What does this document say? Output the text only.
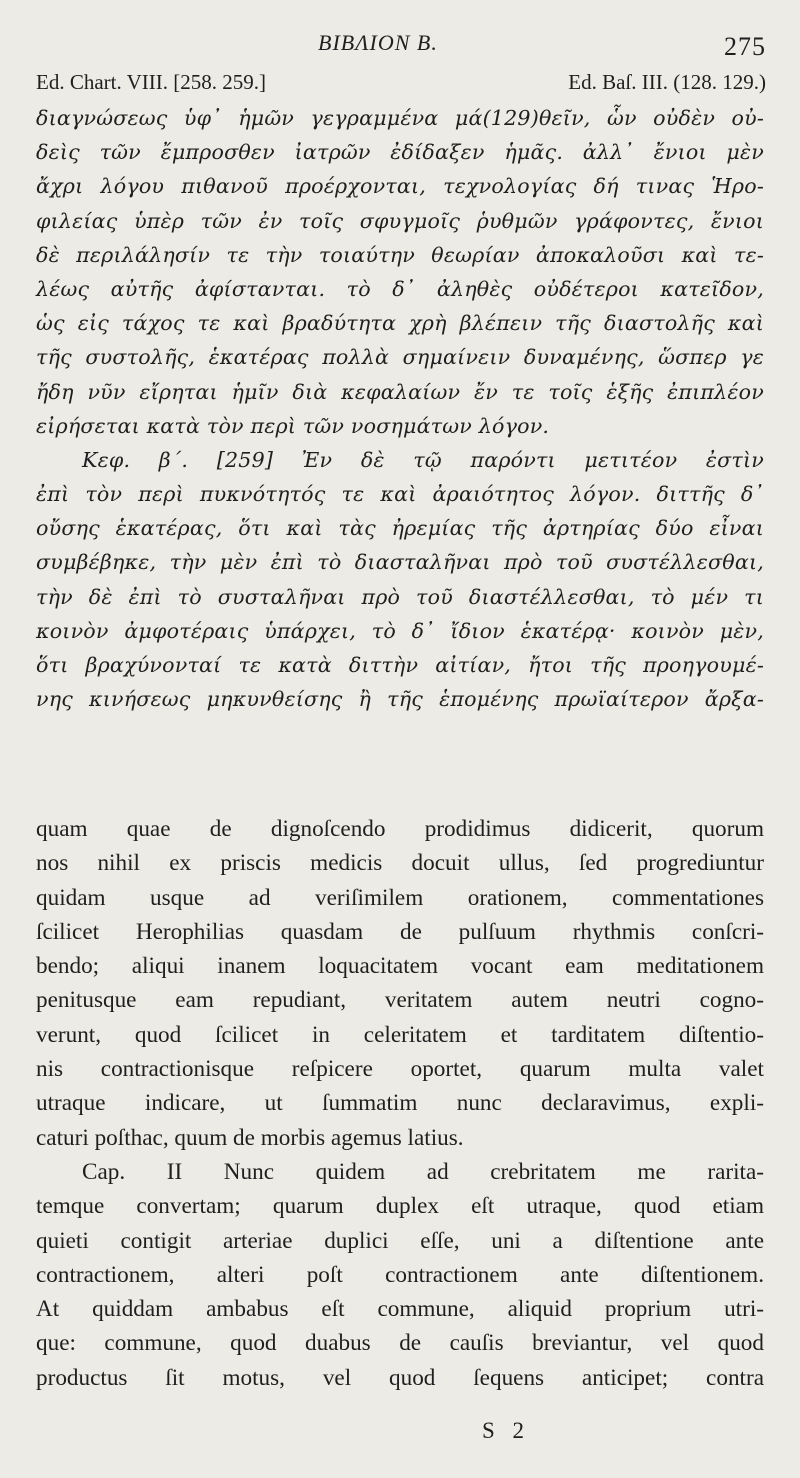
ΒΙΒΛΙΟΝ Β.	275
Ed. Chart. VIII. [258. 259.]	Ed. Baſ. III. (128. 129.)
διαγνώσεως ὑφ᾽ ἡμῶν γεγραμμένα μά(129)θεῖν, ὧν οὐδὲν οὐ-
δεὶς τῶν ἔμπροσθεν ἰατρῶν ἐδίδαξεν ἡμᾶς. ἀλλ᾽ ἔνιοι μὲν
ἄχρι λόγου πιθανοῦ προέρχονται, τεχνολογίας δή τινας Ἡρο-
φιλείας ὑπὲρ τῶν ἐν τοῖς σφυγμοῖς ῥυθμῶν γράφοντες, ἔνιοι
δὲ περιλάλησίν τε τὴν τοιαύτην θεωρίαν ἀποκαλοῦσι καὶ τε-
λέως αὐτῆς ἀφίστανται. τὸ δ᾽ ἀληθὲς οὐδέτεροι κατεῖδον,
ὡς εἰς τάχος τε καὶ βραδύτητα χρὴ βλέπειν τῆς διαστολῆς καὶ
τῆς συστολῆς, ἑκατέρας πολλὰ σημαίνειν δυναμένης, ὥσπερ γε
ἤδη νῦν εἴρηται ἡμῖν διὰ κεφαλαίων ἔν τε τοῖς ἑξῆς ἐπιπλέον
εἰρήσεται κατὰ τὸν περὶ τῶν νοσημάτων λόγον.
Κεφ. β΄. [259] Ἐν δὲ τῷ παρόντι μετιτέον ἐστὶν
ἐπὶ τὸν περὶ πυκνότητός τε καὶ ἀραιότητος λόγον. διττῆς δ᾽
οὔσης ἑκατέρας, ὅτι καὶ τὰς ἠρεμίας τῆς ἀρτηρίας δύο εἶναι
συμβέβηκε, τὴν μὲν ἐπὶ τὸ διασταλῆναι πρὸ τοῦ συστέλλεσθαι,
τὴν δὲ ἐπὶ τὸ συσταλῆναι πρὸ τοῦ διαστέλλεσθαι, τὸ μέν τι
κοινὸν ἀμφοτέραις ὑπάρχει, τὸ δ᾽ ἴδιον ἑκατέρᾳ· κοινὸν μὲν,
ὅτι βραχύνονταί τε κατὰ διττὴν αἰτίαν, ἤτοι τῆς προηγουμέ-
νης κινήσεως μηκυνθείσης ἢ τῆς ἑπομένης πρωϊαίτερον ἄρξα-
quam quae de dignoſcendo prodidimus didicerit, quorum
nos nihil ex priscis medicis docuit ullus, ſed progrediuntur
quidam usque ad veriſimilem orationem, commentationes
ſcilicet Herophilias quasdam de pulſuum rhythmis conſcri-
bendo; aliqui inanem loquacitatem vocant eam meditationem
penitusque eam repudiant, veritatem autem neutri cogno-
verunt, quod ſcilicet in celeritatem et tarditatem diſtentio-
nis contractionisque reſpicere oportet, quarum multa valet
utraque indicare, ut ſummatim nunc declaravimus, expli-
caturi poſthac, quum de morbis agemus latius.
Cap. II Nunc quidem ad crebritatem me rarita-
temque convertam; quarum duplex eſt utraque, quod etiam
quieti contigit arteriae duplici eſſe, uni a diſtentione ante
contractionem, alteri poſt contractionem ante diſtentionem.
At quiddam ambabus eſt commune, aliquid proprium utri-
que: commune, quod duabus de cauſis breviantur, vel quod
productus ſit motus, vel quod ſequens anticipet; contra
S 2
